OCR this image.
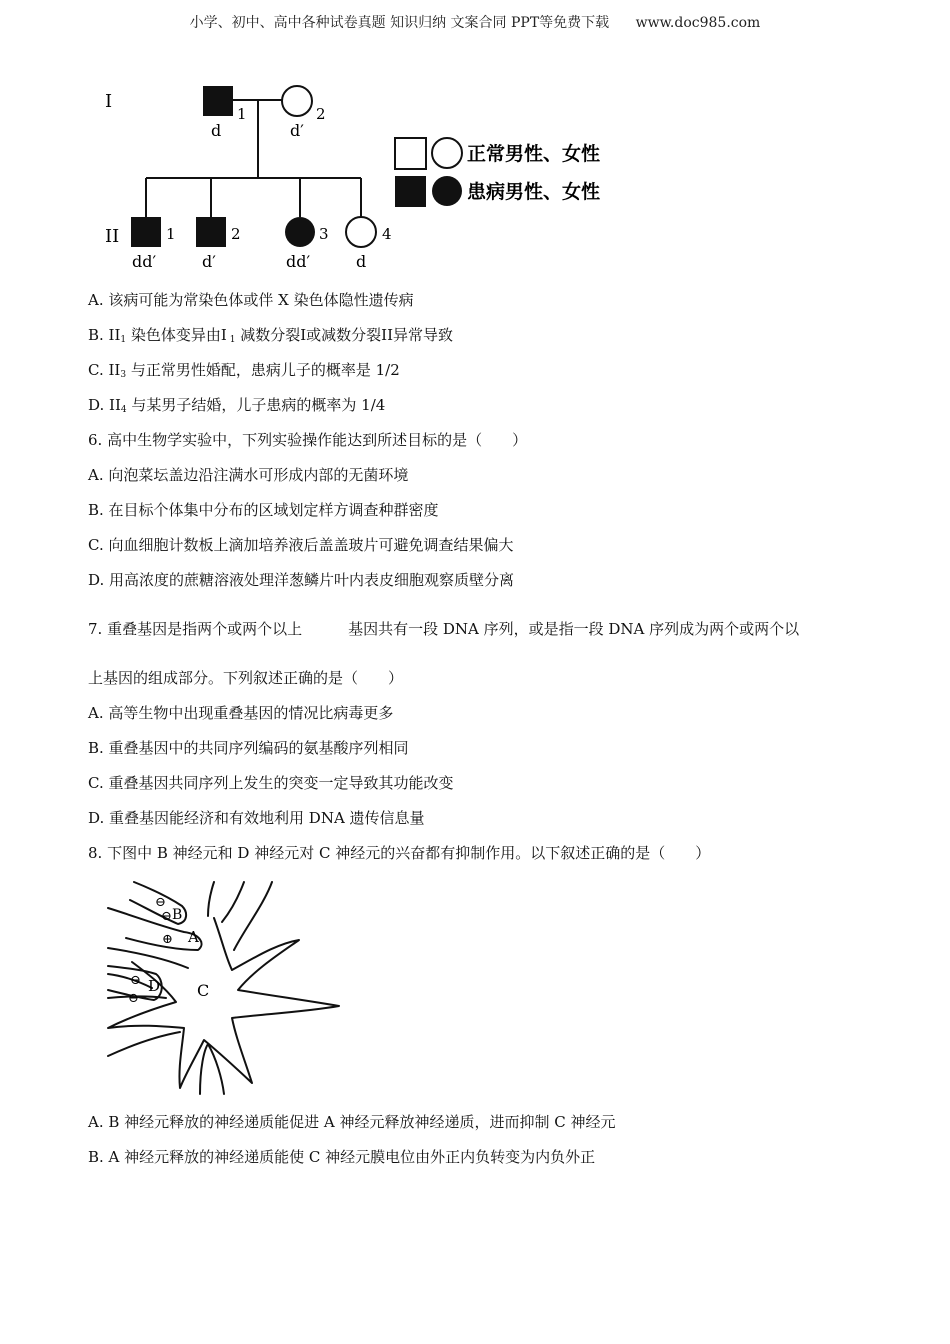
小学、初中、高中各种试卷真题 知识归纳 文案合同 PPT等免费下载 www.doc985.com
I
II
1
d
2
d′
1
dd′
2
d′
3
dd′
4
d
正常男性、女性
患病男性、女性
A. 该病可能为常染色体或伴 X 染色体隐性遗传病
B. $II_1$ 染色体变异由I $_1$ 减数分裂I或减数分裂II异常导致
C. $II_3$ 与正常男性婚配，患病儿子的概率是 1/2
D. $II_4$ 与某男子结婚，儿子患病的概率为 1/4
6. 高中生物学实验中，下列实验操作能达到所述目标的是（　　）
A. 向泡菜坛盖边沿注满水可形成内部的无菌环境
B. 在目标个体集中分布的区域划定样方调查种群密度
C. 向血细胞计数板上滴加培养液后盖盖玻片可避免调查结果偏大
D. 用高浓度的蔗糖溶液处理洋葱鳞片叶内表皮细胞观察质壁分离
7. 重叠基因是指两个或两个以上	基因共有一段 DNA 序列，或是指一段 DNA 序列成为两个或两个以
上基因的组成部分。下列叙述正确的是（　　）
A. 高等生物中出现重叠基因的情况比病毒更多
B. 重叠基因中的共同序列编码的氨基酸序列相同
C. 重叠基因共同序列上发生的突变一定导致其功能改变
D. 重叠基因能经济和有效地利用 DNA 遗传信息量
8. 下图中 B 神经元和 D 神经元对 C 神经元的兴奋都有抑制作用。以下叙述正确的是（　　）
B
A
C
D
⊖
⊖
⊕
⊖
⊖
A. B 神经元释放的神经递质能促进 A 神经元释放神经递质，进而抑制 C 神经元
B. A 神经元释放的神经递质能使 C 神经元膜电位由外正内负转变为内负外正
